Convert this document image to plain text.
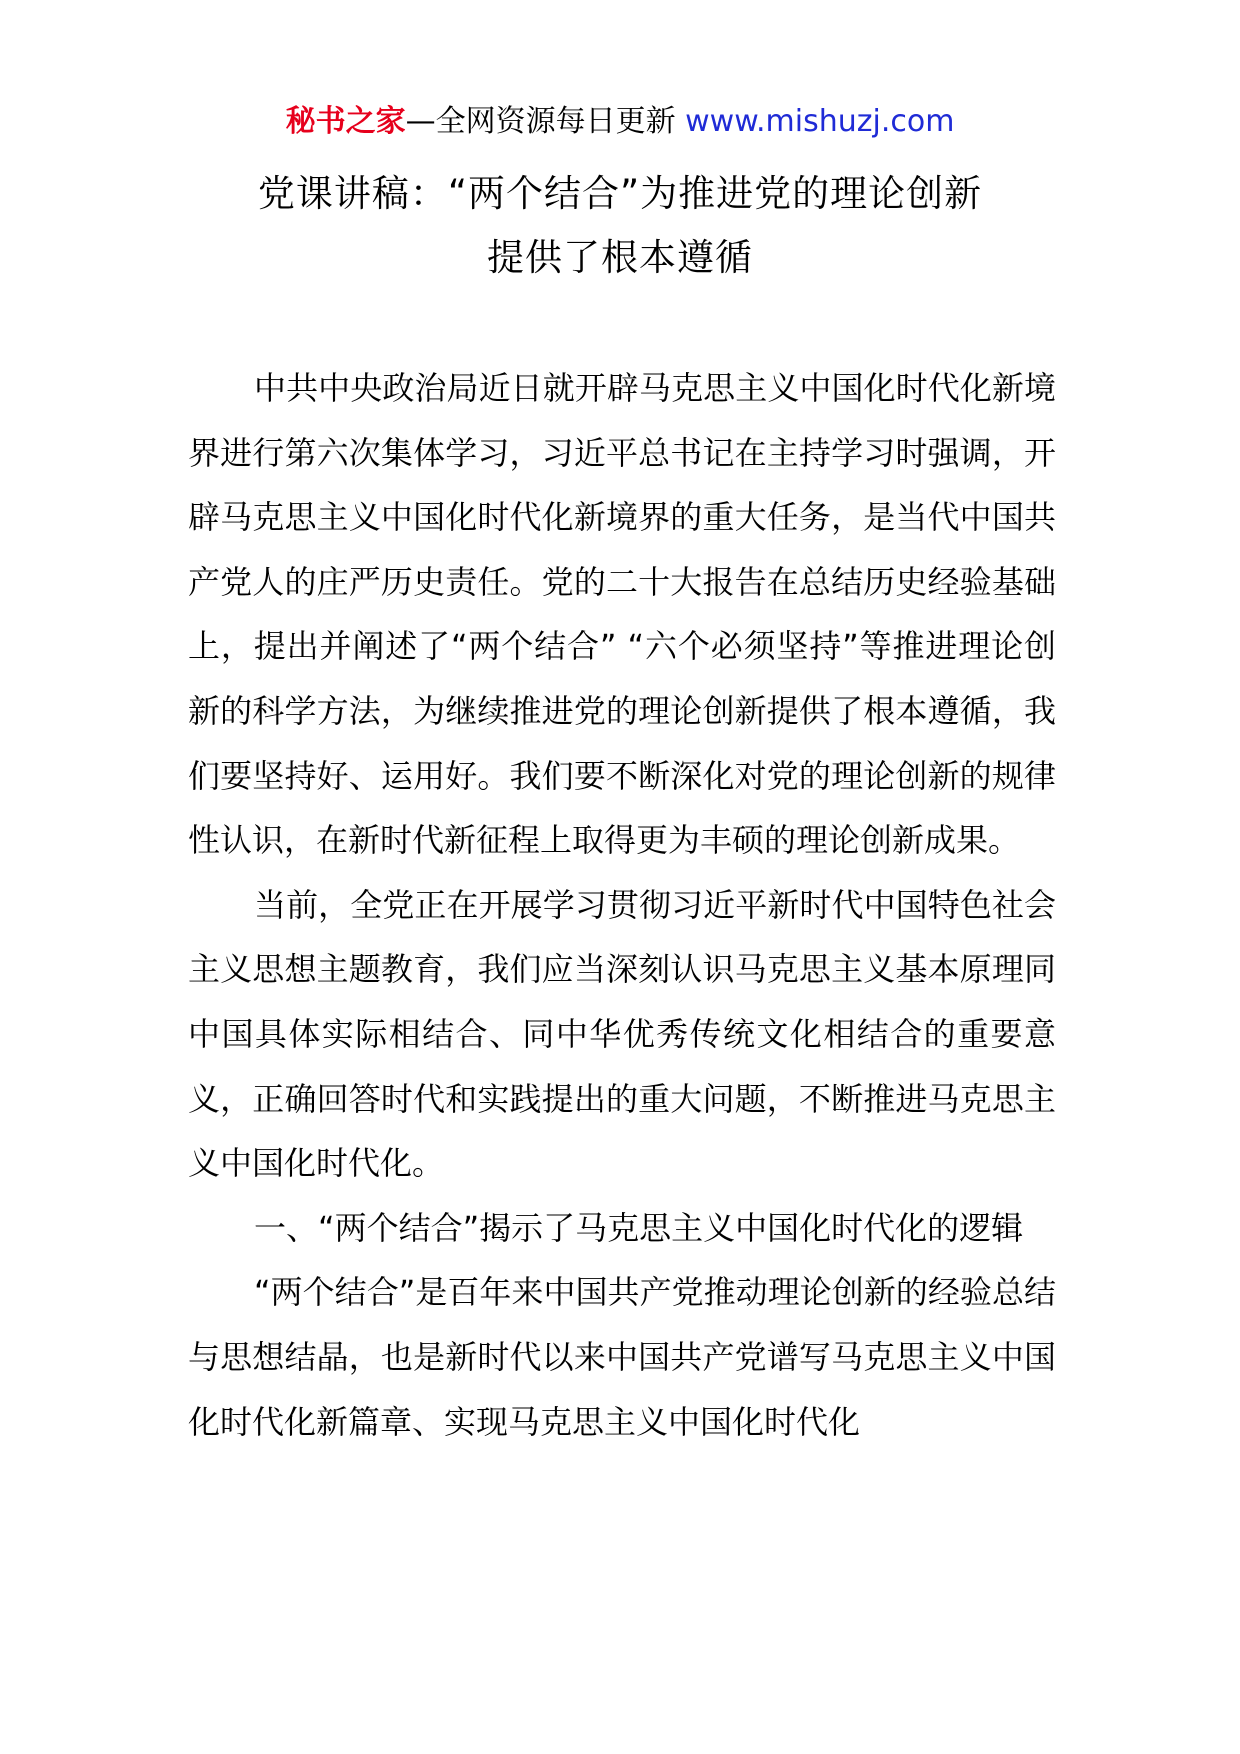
秘书之家—全网资源每日更新 www.mishuzj.com
党课讲稿：“两个结合”为推进党的理论创新
提供了根本遵循

中共中央政治局近日就开辟马克思主义中国化时代化新境界进行第六次集体学习，习近平总书记在主持学习时强调，开辟马克思主义中国化时代化新境界的重大任务，是当代中国共产党人的庄严历史责任。党的二十大报告在总结历史经验基础上，提出并阐述了“两个结合” “六个必须坚持”等推进理论创新的科学方法，为继续推进党的理论创新提供了根本遵循，我们要坚持好、运用好。我们要不断深化对党的理论创新的规律性认识，在新时代新征程上取得更为丰硕的理论创新成果。

当前，全党正在开展学习贯彻习近平新时代中国特色社会主义思想主题教育，我们应当深刻认识马克思主义基本原理同中国具体实际相结合、同中华优秀传统文化相结合的重要意义，正确回答时代和实践提出的重大问题，不断推进马克思主义中国化时代化。

一、“两个结合”揭示了马克思主义中国化时代化的逻辑

“两个结合”是百年来中国共产党推动理论创新的经验总结与思想结晶，也是新时代以来中国共产党谱写马克思主义中国化时代化新篇章、实现马克思主义中国化时代化
